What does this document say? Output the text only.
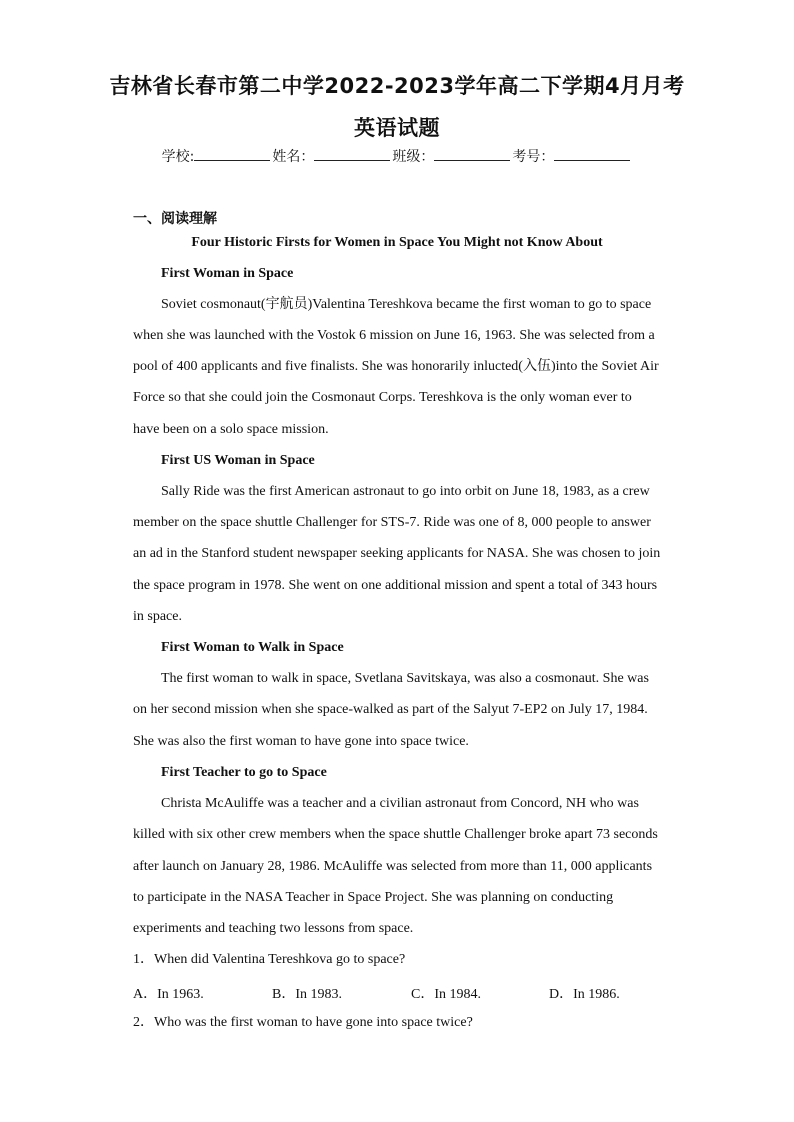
吉林省长春市第二中学2022-2023学年高二下学期4月月考
英语试题
学校:	姓名：	班级：	考号：
一、阅读理解
Four Historic Firsts for Women in Space You Might not Know About
First Woman in Space
Soviet cosmonaut(宇航员)Valentina Tereshkova became the first woman to go to space
when she was launched with the Vostok 6 mission on June 16, 1963. She was selected from a
pool of 400 applicants and five finalists. She was honorarily inlucted(入伍)into the Soviet Air
Force so that she could join the Cosmonaut Corps. Tereshkova is the only woman ever to
have been on a solo space mission.
First US Woman in Space
Sally Ride was the first American astronaut to go into orbit on June 18, 1983, as a crew
member on the space shuttle Challenger for STS-7. Ride was one of 8, 000 people to answer
an ad in the Stanford student newspaper seeking applicants for NASA. She was chosen to join
the space program in 1978. She went on one additional mission and spent a total of 343 hours
in space.
First Woman to Walk in Space
The first woman to walk in space, Svetlana Savitskaya, was also a cosmonaut. She was
on her second mission when she space-walked as part of the Salyut 7-EP2 on July 17, 1984.
She was also the first woman to have gone into space twice.
First Teacher to go to Space
Christa McAuliffe was a teacher and a civilian astronaut from Concord, NH who was
killed with six other crew members when the space shuttle Challenger broke apart 73 seconds
after launch on January 28, 1986. McAuliffe was selected from more than 11, 000 applicants
to participate in the NASA Teacher in Space Project. She was planning on conducting
experiments and teaching two lessons from space.
1．When did Valentina Tereshkova go to space?
A．In 1963.	B．In 1983.	C．In 1984.	D．In 1986.
2．Who was the first woman to have gone into space twice?
